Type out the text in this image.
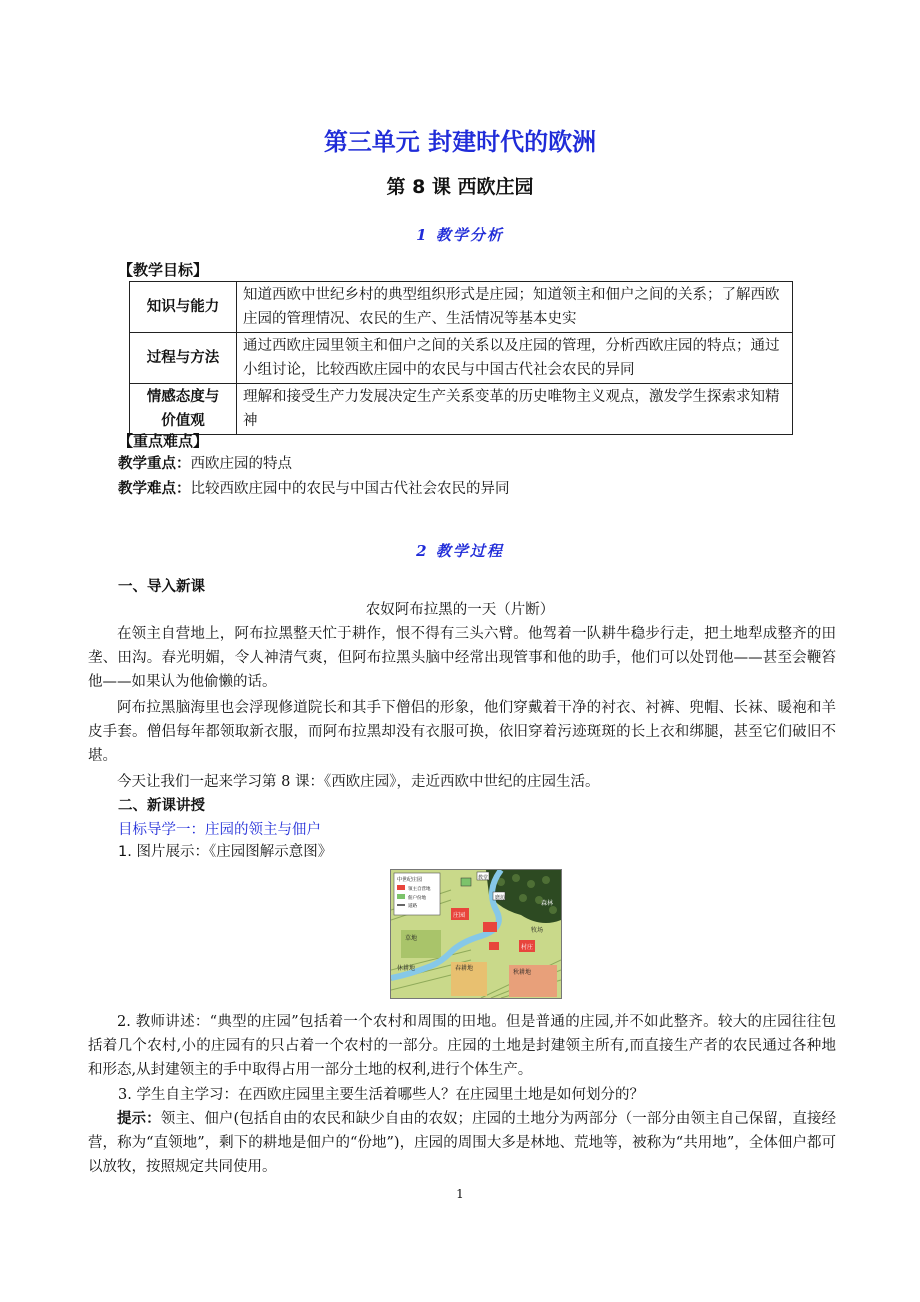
第三单元 封建时代的欧洲
第 8 课 西欧庄园
1 教学分析
【教学目标】
知识与能力	知道西欧中世纪乡村的典型组织形式是庄园；知道领主和佃户之间的关系；了解西欧庄园的管理情况、农民的生产、生活情况等基本史实
过程与方法	通过西欧庄园里领主和佃户之间的关系以及庄园的管理，分析西欧庄园的特点；通过小组讨论，比较西欧庄园中的农民与中国古代社会农民的异同

情感态度与
价值观	理解和接受生产力发展决定生产关系变革的历史唯物主义观点，激发学生探索求知精神
【重点难点】
教学重点：西欧庄园的特点
教学难点：比较西欧庄园中的农民与中国古代社会农民的异同
2 教学过程
一、导入新课
农奴阿布拉黑的一天（片断）
在领主自营地上，阿布拉黑整天忙于耕作，恨不得有三头六臂。他驾着一队耕牛稳步行走，把土地犁成整齐的田垄、田沟。春光明媚，令人神清气爽，但阿布拉黑头脑中经常出现管事和他的助手，他们可以处罚他——甚至会鞭笞他——如果认为他偷懒的话。
阿布拉黑脑海里也会浮现修道院长和其手下僧侣的形象，他们穿戴着干净的衬衣、衬裤、兜帽、长袜、暖袍和羊皮手套。僧侣每年都领取新衣服，而阿布拉黑却没有衣服可换，依旧穿着污迹斑斑的长上衣和绑腿，甚至它们破旧不堪。
今天让我们一起来学习第 8 课：《西欧庄园》，走近西欧中世纪的庄园生活。
二、新课讲授
目标导学一：庄园的领主与佃户
1. 图片展示：《庄园图解示意图》
中世纪庄园
领主自营地
佃户份地
道路
庄园
森林
牧场
村庄
教堂
磨坊
草地
春耕地
休耕地
秋耕地
2. 教师讲述：“典型的庄园”包括着一个农村和周围的田地。但是普通的庄园,并不如此整齐。较大的庄园往往包括着几个农村,小的庄园有的只占着一个农村的一部分。庄园的土地是封建领主所有,而直接生产者的农民通过各种地和形态,从封建领主的手中取得占用一部分土地的权利,进行个体生产。
3. 学生自主学习：在西欧庄园里主要生活着哪些人？在庄园里土地是如何划分的？
提示：领主、佃户(包括自由的农民和缺少自由的农奴；庄园的土地分为两部分（一部分由领主自己保留，直接经营，称为“直领地”，剩下的耕地是佃户的“份地”)，庄园的周围大多是林地、荒地等，被称为“共用地”，全体佃户都可以放牧，按照规定共同使用。
1
